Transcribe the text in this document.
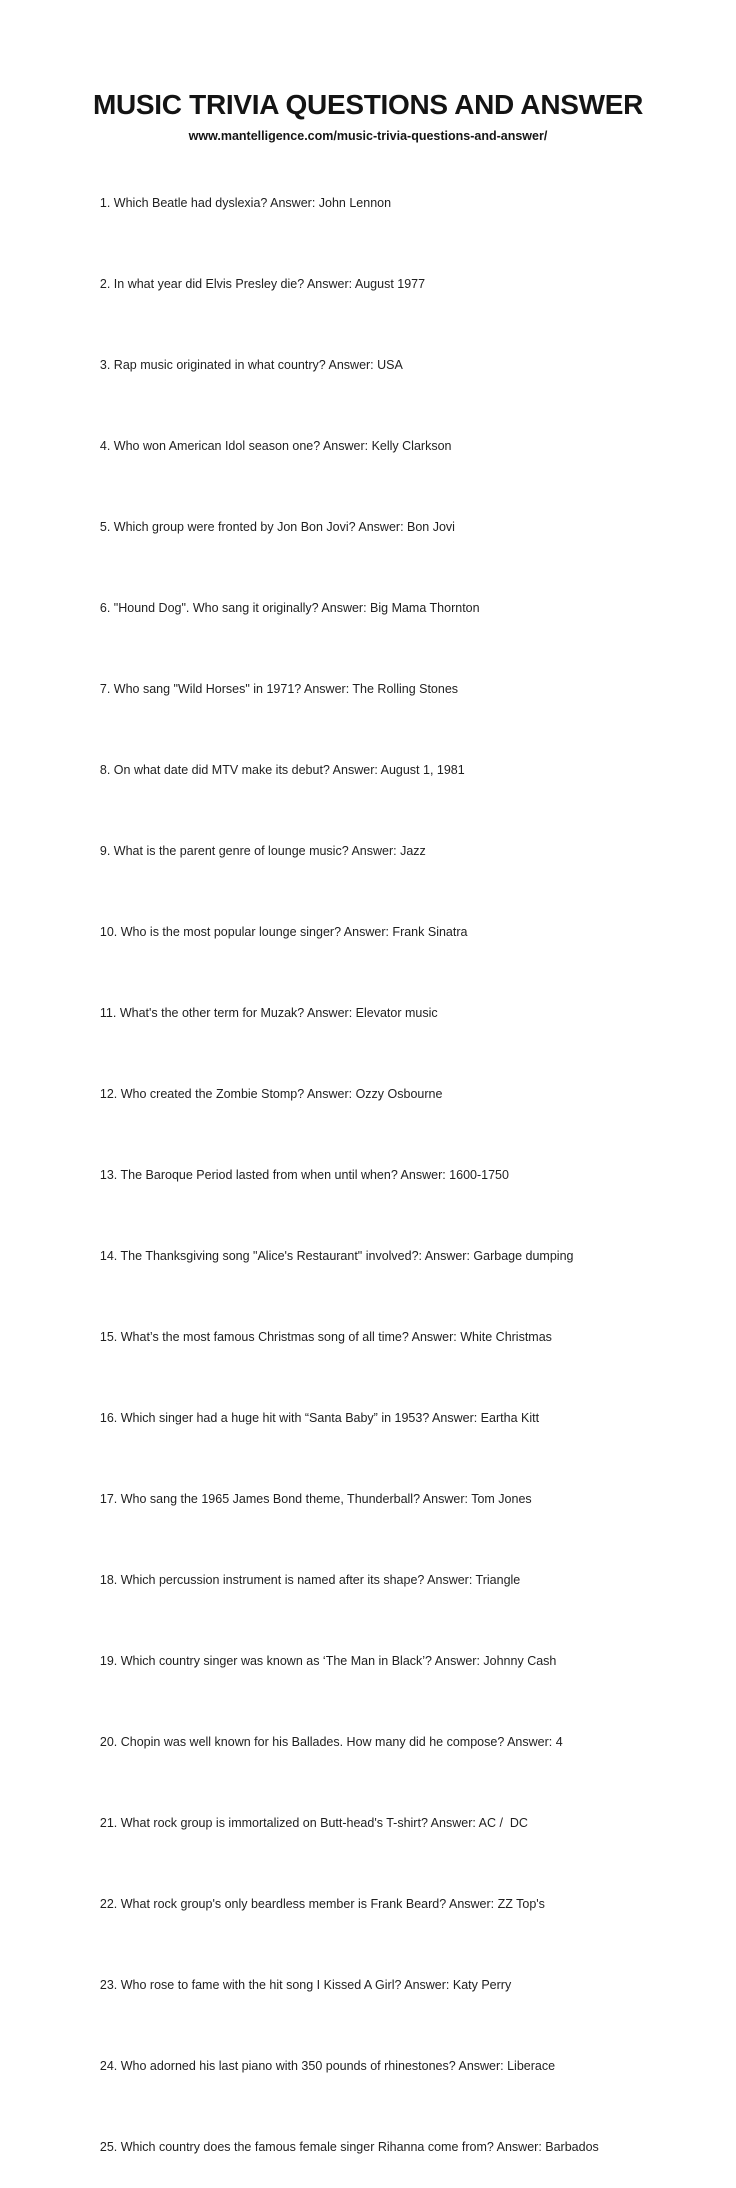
MUSIC TRIVIA QUESTIONS AND ANSWER
www.mantelligence.com/music-trivia-questions-and-answer/

1. Which Beatle had dyslexia? Answer: John Lennon

2. In what year did Elvis Presley die? Answer: August 1977

3. Rap music originated in what country? Answer: USA

4. Who won American Idol season one? Answer: Kelly Clarkson

5. Which group were fronted by Jon Bon Jovi? Answer: Bon Jovi

6. "Hound Dog". Who sang it originally? Answer: Big Mama Thornton

7. Who sang "Wild Horses" in 1971? Answer: The Rolling Stones

8. On what date did MTV make its debut? Answer: August 1, 1981

9. What is the parent genre of lounge music? Answer: Jazz

10. Who is the most popular lounge singer? Answer: Frank Sinatra

11. What's the other term for Muzak? Answer: Elevator music

12. Who created the Zombie Stomp? Answer: Ozzy Osbourne

13. The Baroque Period lasted from when until when? Answer: 1600-1750

14. The Thanksgiving song "Alice's Restaurant" involved?: Answer: Garbage dumping

15. What’s the most famous Christmas song of all time? Answer: White Christmas

16. Which singer had a huge hit with “Santa Baby” in 1953? Answer: Eartha Kitt

17. Who sang the 1965 James Bond theme, Thunderball? Answer: Tom Jones

18. Which percussion instrument is named after its shape? Answer: Triangle

19. Which country singer was known as ‘The Man in Black’? Answer: Johnny Cash

20. Chopin was well known for his Ballades. How many did he compose? Answer: 4

21. What rock group is immortalized on Butt-head's T-shirt? Answer: AC /  DC

22. What rock group's only beardless member is Frank Beard? Answer: ZZ Top's

23. Who rose to fame with the hit song I Kissed A Girl? Answer: Katy Perry

24. Who adorned his last piano with 350 pounds of rhinestones? Answer: Liberace

25. Which country does the famous female singer Rihanna come from? Answer: Barbados
